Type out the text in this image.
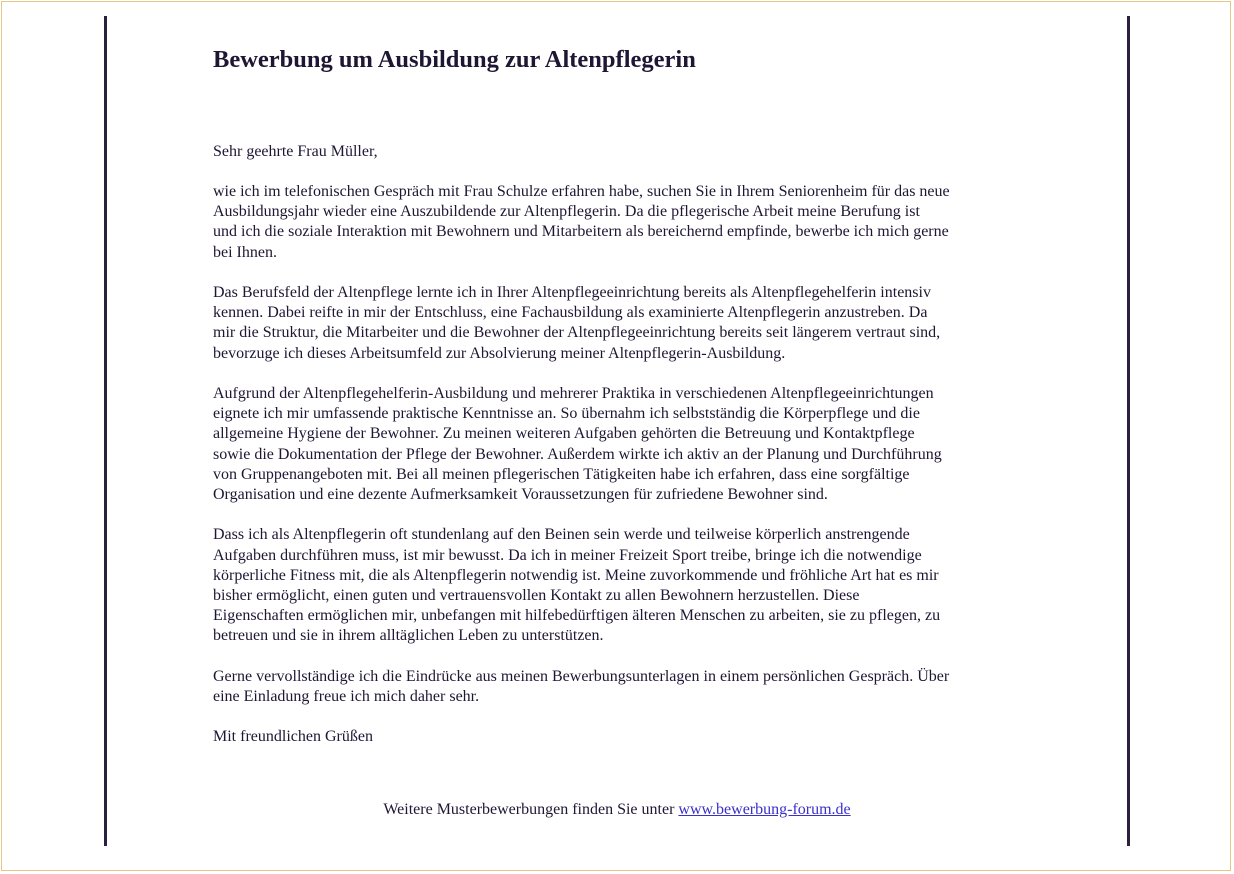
Bewerbung um Ausbildung zur Altenpflegerin

Sehr geehrte Frau Müller,

wie ich im telefonischen Gespräch mit Frau Schulze erfahren habe, suchen Sie in Ihrem Seniorenheim für das neue
Ausbildungsjahr wieder eine Auszubildende zur Altenpflegerin. Da die pflegerische Arbeit meine Berufung ist
und ich die soziale Interaktion mit Bewohnern und Mitarbeitern als bereichernd empfinde, bewerbe ich mich gerne
bei Ihnen.

Das Berufsfeld der Altenpflege lernte ich in Ihrer Altenpflegeeinrichtung bereits als Altenpflegehelferin intensiv
kennen. Dabei reifte in mir der Entschluss, eine Fachausbildung als examinierte Altenpflegerin anzustreben. Da
mir die Struktur, die Mitarbeiter und die Bewohner der Altenpflegeeinrichtung bereits seit längerem vertraut sind,
bevorzuge ich dieses Arbeitsumfeld zur Absolvierung meiner Altenpflegerin-Ausbildung.

Aufgrund der Altenpflegehelferin-Ausbildung und mehrerer Praktika in verschiedenen Altenpflegeeinrichtungen
eignete ich mir umfassende praktische Kenntnisse an. So übernahm ich selbstständig die Körperpflege und die
allgemeine Hygiene der Bewohner. Zu meinen weiteren Aufgaben gehörten die Betreuung und Kontaktpflege
sowie die Dokumentation der Pflege der Bewohner. Außerdem wirkte ich aktiv an der Planung und Durchführung
von Gruppenangeboten mit. Bei all meinen pflegerischen Tätigkeiten habe ich erfahren, dass eine sorgfältige
Organisation und eine dezente Aufmerksamkeit Voraussetzungen für zufriedene Bewohner sind.

Dass ich als Altenpflegerin oft stundenlang auf den Beinen sein werde und teilweise körperlich anstrengende
Aufgaben durchführen muss, ist mir bewusst. Da ich in meiner Freizeit Sport treibe, bringe ich die notwendige
körperliche Fitness mit, die als Altenpflegerin notwendig ist. Meine zuvorkommende und fröhliche Art hat es mir
bisher ermöglicht, einen guten und vertrauensvollen Kontakt zu allen Bewohnern herzustellen. Diese
Eigenschaften ermöglichen mir, unbefangen mit hilfebedürftigen älteren Menschen zu arbeiten, sie zu pflegen, zu
betreuen und sie in ihrem alltäglichen Leben zu unterstützen.

Gerne vervollständige ich die Eindrücke aus meinen Bewerbungsunterlagen in einem persönlichen Gespräch. Über
eine Einladung freue ich mich daher sehr.

Mit freundlichen Grüßen

Weitere Musterbewerbungen finden Sie unter www.bewerbung-forum.de
